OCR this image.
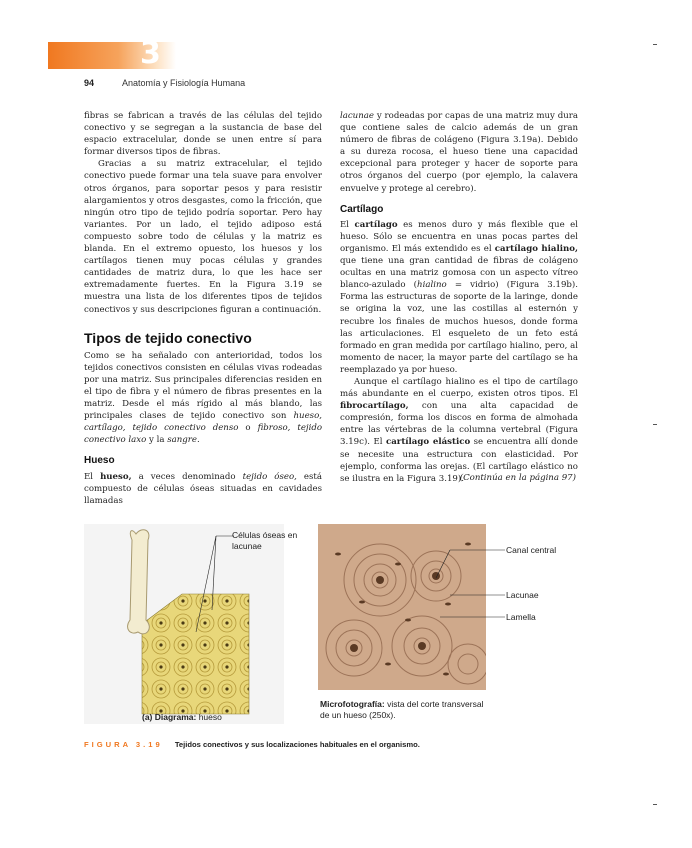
3
94	Anatomía y Fisiología Humana

fibras se fabrican a través de las células del tejido conectivo y se segregan a la sustancia de base del espacio extracelular, donde se unen entre sí para formar diversos tipos de fibras.

Gracias a su matriz extracelular, el tejido conectivo puede formar una tela suave para envolver otros órganos, para soportar pesos y para resistir alargamientos y otros desgastes, como la fricción, que ningún otro tipo de tejido podría soportar. Pero hay variantes. Por un lado, el tejido adiposo está compuesto sobre todo de células y la matriz es blanda. En el extremo opuesto, los huesos y los cartílagos tienen muy pocas células y grandes cantidades de matriz dura, lo que les hace ser extremadamente fuertes. En la Figura 3.19 se muestra una lista de los diferentes tipos de tejidos conectivos y sus descripciones figuran a continuación.

Tipos de tejido conectivo

Como se ha señalado con anterioridad, todos los tejidos conectivos consisten en células vivas rodeadas por una matriz. Sus principales diferencias residen en el tipo de fibra y el número de fibras presentes en la matriz. Desde el más rígido al más blando, las principales clases de tejido conectivo son hueso, cartílago, tejido conectivo denso o fibroso, tejido conectivo laxo y la sangre.

Hueso

El hueso, a veces denominado tejido óseo, está compuesto de células óseas situadas en cavidades llamadas

lacunae y rodeadas por capas de una matriz muy dura que contiene sales de calcio además de un gran número de fibras de colágeno (Figura 3.19a). Debido a su dureza rocosa, el hueso tiene una capacidad excepcional para proteger y hacer de soporte para otros órganos del cuerpo (por ejemplo, la calavera envuelve y protege al cerebro).

Cartílago

El cartílago es menos duro y más flexible que el hueso. Sólo se encuentra en unas pocas partes del organismo. El más extendido es el cartílago hialino, que tiene una gran cantidad de fibras de colágeno ocultas en una matriz gomosa con un aspecto vítreo blanco-azulado (hialino = vidrio) (Figura 3.19b). Forma las estructuras de soporte de la laringe, donde se origina la voz, une las costillas al esternón y recubre los finales de muchos huesos, donde forma las articulaciones. El esqueleto de un feto está formado en gran medida por cartílago hialino, pero, al momento de nacer, la mayor parte del cartílago se ha reemplazado ya por hueso.

Aunque el cartílago hialino es el tipo de cartílago más abundante en el cuerpo, existen otros tipos. El fibrocartílago, con una alta capacidad de compresión, forma los discos en forma de almohada entre las vértebras de la columna vertebral (Figura 3.19c). El cartílago elástico se encuentra allí donde se necesite una estructura con elasticidad. Por ejemplo, conforma las orejas. (El cartílago elástico no se ilustra en la Figura 3.19).

(Continúa en la página 97)
Células óseas en lacunae
(a) Diagrama: hueso
Canal central
Lacunae
Lamella
Microfotografía: vista del corte transversal de un hueso (250x).
FIGURA 3.19 Tejidos conectivos y sus localizaciones habituales en el organismo.
